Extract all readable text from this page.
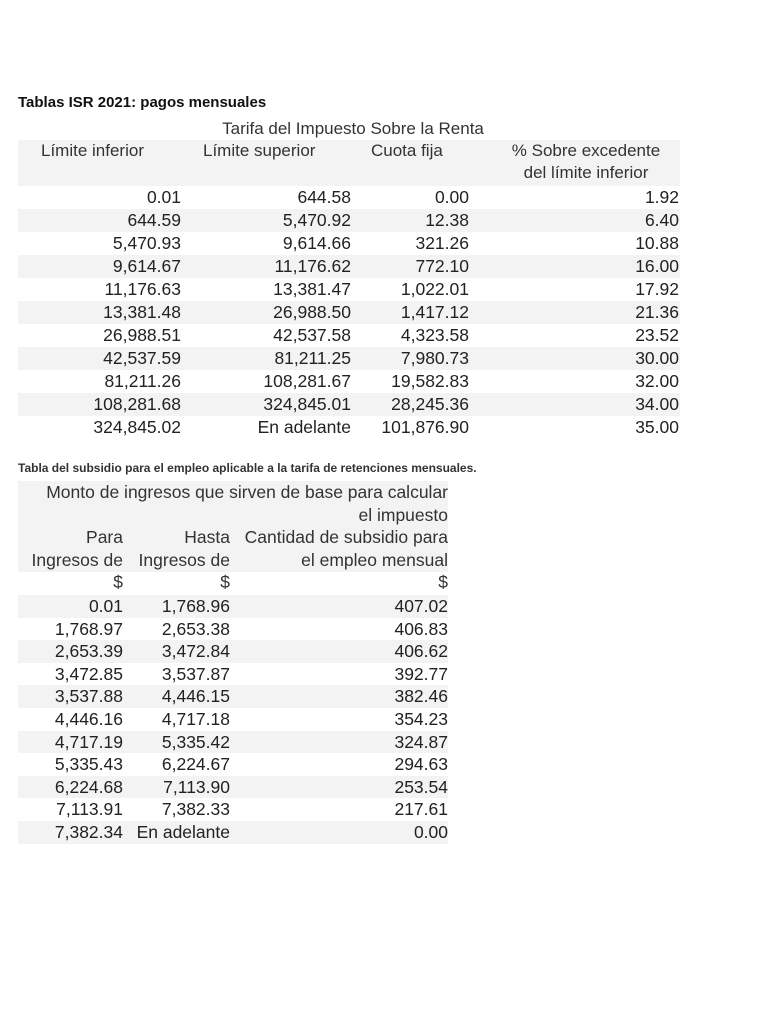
Tablas ISR 2021: pagos mensuales
Tarifa del Impuesto Sobre la Renta
Límite inferior	Límite superior	Cuota fija	% Sobre excedente
del límite inferior
0.01	644.58	0.00	1.92
644.59	5,470.92	12.38	6.40
5,470.93	9,614.66	321.26	10.88
9,614.67	11,176.62	772.10	16.00
11,176.63	13,381.47	1,022.01	17.92
13,381.48	26,988.50	1,417.12	21.36
26,988.51	42,537.58	4,323.58	23.52
42,537.59	81,211.25	7,980.73	30.00
81,211.26	108,281.67 19,582.83	32.00
108,281.68	324,845.01 28,245.36	34.00
324,845.02	En adelante 101,876.90	35.00
Tabla del subsidio para el empleo aplicable a la tarifa de retenciones mensuales.
Monto de ingresos que sirven de base para calcular
el impuesto
Para
Ingresos de
Hasta
Ingresos de
Cantidad de subsidio para
el empleo mensual
$	$	$
0.01 1,768.96	407.02
1,768.97 2,653.38	406.83
2,653.39 3,472.84	406.62
3,472.85 3,537.87	392.77
3,537.88 4,446.15	382.46
4,446.16 4,717.18	354.23
4,717.19 5,335.42	324.87
5,335.43 6,224.67	294.63
6,224.68 7,113.90	253.54
7,113.91 7,382.33	217.61
7,382.34 En adelante	0.00
